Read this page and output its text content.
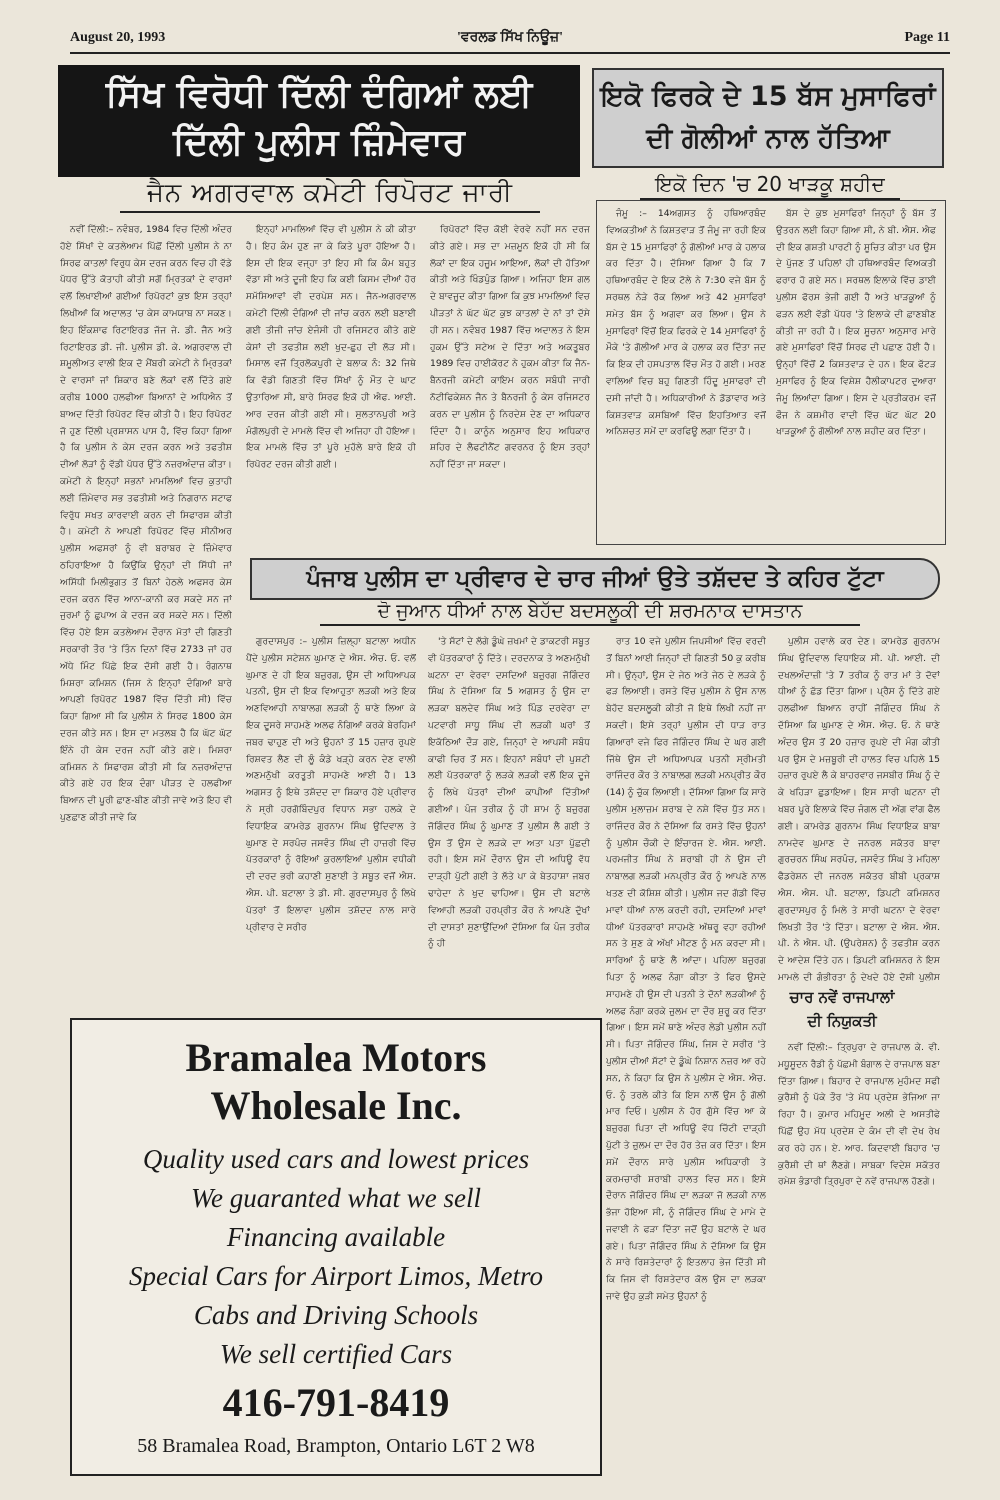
August 20, 1993	'ਵਰਲਡ ਸਿੱਖ ਨਿਊਜ਼'	Page 11
ਸਿੱਖ ਵਿਰੋਧੀ ਦਿੱਲੀ ਦੰਗਿਆਂ ਲਈ
ਦਿੱਲੀ ਪੁਲੀਸ ਜ਼ਿੰਮੇਵਾਰ
ਜੈਨ ਅਗਰਵਾਲ ਕਮੇਟੀ ਰਿਪੋਰਟ ਜਾਰੀ

ਨਵੀਂ ਦਿੱਲੀ:– ਨਵੰਬਰ, 1984 ਵਿਚ ਦਿੱਲੀ ਅੰਦਰ ਹੋਏ ਸਿੱਖਾਂ ਦੇ ਕਤਲੇਆਮ ਪਿੱਛੋਂ ਦਿੱਲੀ ਪੁਲੀਸ ਨੇ ਨਾ ਸਿਰਫ ਕਾਤਲਾਂ ਵਿਰੁਧ ਕੇਸ ਦਰਜ ਕਰਨ ਵਿਚ ਹੀ ਵੱਡੇ ਪੱਧਰ ਉੱਤੇ ਕੋਤਾਹੀ ਕੀਤੀ ਸਗੋਂ ਮ੍ਰਿਤਕਾਂ ਦੇ ਵਾਰਸਾਂ ਵਲੋਂ ਲਿਖਾਈਆਂ ਗਈਆਂ ਰਿਪੋਰਟਾਂ ਕੁਝ ਇਸ ਤਰ੍ਹਾਂ ਲਿਖੀਆਂ ਕਿ ਅਦਾਲਤ 'ਚ ਕੇਸ ਕਾਮਯਾਬ ਨਾ ਸਕਣ। ਇਹ ਇੰਕਸ਼ਾਫ ਰਿਟਾਇਰਡ ਜੱਜ ਜੇ. ਡੀ. ਜੈਨ ਅਤੇ ਰਿਟਾਇਰਡ ਡੀ. ਜੀ. ਪੁਲੀਸ ਡੀ. ਕੇ. ਅਗਰਵਾਲ ਦੀ ਸ਼ਮੂਲੀਅਤ ਵਾਲੀ ਇਕ ਦੋ ਮੈਂਬਰੀ ਕਮੇਟੀ ਨੇ ਮ੍ਰਿਤਕਾਂ ਦੇ ਵਾਰਸਾਂ ਜਾਂ ਸ਼ਿਕਾਰ ਬਣੇ ਲੋਕਾਂ ਵਲੋਂ ਦਿੱਤੇ ਗਏ ਕਰੀਬ 1000 ਹਲਫੀਆ ਬਿਆਨਾਂ ਦੇ ਅਧਿਐਨ ਤੋਂ ਬਾਅਦ ਦਿੱਤੀ ਰਿਪੋਰਟ ਵਿੱਚ ਕੀਤੀ ਹੈ। ਇਹ ਰਿਪੋਰਟ ਜੋ ਹੁਣ ਦਿੱਲੀ ਪ੍ਰਸ਼ਾਸਨ ਪਾਸ ਹੈ, ਵਿੱਚ ਕਿਹਾ ਗਿਆ ਹੈ ਕਿ ਪੁਲੀਸ ਨੇ ਕੇਸ ਦਰਜ ਕਰਨ ਅਤੇ ਤਫਤੀਸ਼ ਦੀਆਂ ਲੋੜਾਂ ਨੂੰ ਵੱਡੀ ਪੱਧਰ ਉੱਤੇ ਨਜ਼ਰਅੰਦਾਜ਼ ਕੀਤਾ। ਕਮੇਟੀ ਨੇ ਇਨ੍ਹਾਂ ਸਭਨਾਂ ਮਾਮਲਿਆਂ ਵਿਚ ਕੁਤਾਹੀ ਲਈ ਜ਼ਿੰਮੇਵਾਰ ਸਭ ਤਫਤੀਸ਼ੀ ਅਤੇ ਨਿਗਰਾਨ ਸਟਾਫ ਵਿਰੁੱਧ ਸਖਤ ਕਾਰਵਾਈ ਕਰਨ ਦੀ ਸਿਫਾਰਸ਼ ਕੀਤੀ ਹੈ। ਕਮੇਟੀ ਨੇ ਆਪਣੀ ਰਿਪੋਰਟ ਵਿੱਚ ਸੀਨੀਅਰ ਪੁਲੀਸ ਅਫਸਰਾਂ ਨੂੰ ਵੀ ਬਰਾਬਰ ਦੇ ਜ਼ਿੰਮੇਵਾਰ ਠਹਿਰਾਇਆ ਹੈ ਕਿਉਂਕਿ ਉਨ੍ਹਾਂ ਦੀ ਸਿੱਧੀ ਜਾਂ ਅਸਿੱਧੀ ਮਿਲੀਭੁਗਤ ਤੋਂ ਬਿਨਾਂ ਹੇਠਲੇ ਅਫਸਰ ਕੇਸ ਦਰਜ ਕਰਨ ਵਿੱਚ ਆਨਾ-ਕਾਨੀ ਕਰ ਸਕਦੇ ਸਨ ਜਾਂ ਜੁਰਮਾਂ ਨੂੰ ਛੁਪਾਅ ਕੇ ਦਰਜ ਕਰ ਸਕਦੇ ਸਨ। ਦਿੱਲੀ ਵਿੱਚ ਹੋਏ ਇਸ ਕਤਲੇਆਮ ਦੌਰਾਨ ਮੋਤਾਂ ਦੀ ਗਿਣਤੀ ਸਰਕਾਰੀ ਤੌਰ 'ਤੇ ਤਿੰਨ ਦਿਨਾਂ ਵਿੱਚ 2733 ਜਾਂ ਹਰ ਅੱਧੇ ਮਿੰਟ ਪਿੱਛੇ ਇਕ ਦੱਸੀ ਗਈ ਹੈ। ਰੰਗਨਾਥ ਮਿਸ਼ਰਾ ਕਮਿਸ਼ਨ (ਜਿਸ ਨੇ ਇਨ੍ਹਾਂ ਦੰਗਿਆਂ ਬਾਰੇ ਆਪਣੀ ਰਿਪੋਰਟ 1987 ਵਿੱਚ ਦਿੱਤੀ ਸੀ) ਵਿੱਚ ਕਿਹਾ ਗਿਆ ਸੀ ਕਿ ਪੁਲੀਸ ਨੇ ਸਿਰਫ 1800 ਕੇਸ ਦਰਜ ਕੀਤੇ ਸਨ। ਇਸ ਦਾ ਮਤਲਬ ਹੈ ਕਿ ਘੱਟ ਘੱਟ ਇੰਨੇ ਹੀ ਕੇਸ ਦਰਜ ਨਹੀਂ ਕੀਤੇ ਗਏ। ਮਿਸ਼ਰਾ ਕਮਿਸ਼ਨ ਨੇ ਸਿਫਾਰਸ਼ ਕੀਤੀ ਸੀ ਕਿ ਨਜ਼ਰਅੰਦਾਜ਼ ਕੀਤੇ ਗਏ ਹਰ ਇਕ ਦੰਗਾ ਪੀੜਤ ਦੇ ਹਲਫੀਆ ਬਿਆਨ ਦੀ ਪੂਰੀ ਛਾਣ-ਬੀਣ ਕੀਤੀ ਜਾਵੇ ਅਤੇ ਇਹ ਵੀ ਪੁਣਛਾਣ ਕੀਤੀ ਜਾਵੇ ਕਿ

ਇਨ੍ਹਾਂ ਮਾਮਲਿਆਂ ਵਿੱਚ ਵੀ ਪੁਲੀਸ ਨੇ ਕੀ ਕੀਤਾ ਹੈ। ਇਹ ਕੰਮ ਹੁਣ ਜਾ ਕੇ ਕਿਤੇ ਪੂਰਾ ਹੋਇਆ ਹੈ। ਇਸ ਦੀ ਇਕ ਵਜ੍ਹਾ ਤਾਂ ਇਹ ਸੀ ਕਿ ਕੰਮ ਬਹੁਤ ਵੱਡਾ ਸੀ ਅਤੇ ਦੂਜੀ ਇਹ ਕਿ ਕਈ ਕਿਸਮ ਦੀਆਂ ਹੋਰ ਸਮੱਸਿਆਵਾਂ ਵੀ ਦਰਪੇਸ਼ ਸਨ। ਜੈਨ-ਅਗਰਵਾਲ ਕਮੇਟੀ ਦਿੱਲੀ ਦੰਗਿਆਂ ਦੀ ਜਾਂਚ ਕਰਨ ਲਈ ਬਣਾਈ ਗਈ ਤੀਜੀ ਜਾਂਚ ਏਜੰਸੀ ਹੀ ਰਜਿਸਟਰ ਕੀਤੇ ਗਏ ਕੇਸਾਂ ਦੀ ਤਫਤੀਸ਼ ਲਈ ਖੁਦ-ਛੁਹ ਦੀ ਲੋੜ ਸੀ। ਮਿਸਾਲ ਵਜੋਂ ਤ੍ਰਿਲੋਕਪੁਰੀ ਦੇ ਬਲਾਕ ਨੰ: 32 ਜਿਥੇ ਕਿ ਵੱਡੀ ਗਿਣਤੀ ਵਿੱਚ ਸਿੱਖਾਂ ਨੂੰ ਮੌਤ ਦੇ ਘਾਟ ਉਤਾਰਿਆ ਸੀ, ਬਾਰੇ ਸਿਰਫ ਇਕੋ ਹੀ ਐਫ. ਆਈ. ਆਰ ਦਰਜ ਕੀਤੀ ਗਈ ਸੀ। ਸੁਲਤਾਨਪੁਰੀ ਅਤੇ ਮੰਗੋਲਪੁਰੀ ਦੇ ਮਾਮਲੇ ਵਿੱਚ ਵੀ ਅਜਿਹਾ ਹੀ ਹੋਇਆ। ਇਕ ਮਾਮਲੇ ਵਿੱਚ ਤਾਂ ਪੂਰੇ ਮੁਹੱਲੇ ਬਾਰੇ ਇਕੋ ਹੀ ਰਿਪੋਰਟ ਦਰਜ ਕੀਤੀ ਗਈ।

ਰਿਪੋਰਟਾਂ ਵਿੱਚ ਕੋਈ ਵੇਰਵੇ ਨਹੀਂ ਸਨ ਦਰਜ ਕੀਤੇ ਗਏ। ਸਭ ਦਾ ਮਜ਼ਮੂਨ ਇਕੋ ਹੀ ਸੀ ਕਿ ਲੋਕਾਂ ਦਾ ਇਕ ਹਜੂਮ ਆਇਆ, ਲੋਕਾਂ ਦੀ ਹੱਤਿਆ ਕੀਤੀ ਅਤੇ ਖਿੰਡਪੁੰਡ ਗਿਆ। ਅਜਿਹਾ ਇਸ ਗਲ ਦੇ ਬਾਵਜੂਦ ਕੀਤਾ ਗਿਆ ਕਿ ਕੁਝ ਮਾਮਲਿਆਂ ਵਿਚ ਪੀੜਤਾਂ ਨੇ ਘੱਟ ਘੱਟ ਕੁਝ ਕਾਤਲਾਂ ਦੇ ਨਾਂ ਤਾਂ ਦੱਸੇ ਹੀ ਸਨ। ਨਵੰਬਰ 1987 ਵਿੱਚ ਅਦਾਲਤ ਨੇ ਇਸ ਹੁਕਮ ਉੱਤੇ ਸਟੇਅ ਦੇ ਦਿੱਤਾ ਅਤੇ ਅਕਤੂਬਰ 1989 ਵਿਚ ਹਾਈਕੋਰਟ ਨੇ ਹੁਕਮ ਕੀਤਾ ਕਿ ਜੈਨ-ਬੈਨਰਜੀ ਕਮੇਟੀ ਕਾਇਮ ਕਰਨ ਸਬੰਧੀ ਜਾਰੀ ਨੋਟੀਫਿਕੇਸ਼ਨ ਜੈਨ ਤੇ ਬੈਨਰਜੀ ਨੂੰ ਕੇਸ ਰਜਿਸਟਰ ਕਰਨ ਦਾ ਪੁਲੀਸ ਨੂੰ ਨਿਰਦੇਸ਼ ਦੇਣ ਦਾ ਅਧਿਕਾਰ ਦਿੰਦਾ ਹੈ। ਕਾਨੂੰਨ ਅਨੁਸਾਰ ਇਹ ਅਧਿਕਾਰ ਸ਼ਹਿਰ ਦੇ ਲੈਫਟੀਨੈਂਟ ਗਵਰਨਰ ਨੂੰ ਇਸ ਤਰ੍ਹਾਂ ਨਹੀਂ ਦਿੱਤਾ ਜਾ ਸਕਦਾ।

ਇਕੋ ਫਿਰਕੇ ਦੇ 15 ਬੱਸ ਮੁਸਾਫਿਰਾਂ
ਦੀ ਗੋਲੀਆਂ ਨਾਲ ਹੱਤਿਆ
ਇਕੋ ਦਿਨ 'ਚ 20 ਖਾੜਕੂ ਸ਼ਹੀਦ

ਜੰਮੂ :– 14ਅਗਸਤ ਨੂੰ ਹਥਿਆਰਬੰਦ ਵਿਅਕਤੀਆਂ ਨੇ ਕਿਸ਼ਤਵਾੜ ਤੋਂ ਜੰਮੂ ਜਾ ਰਹੀ ਇਕ ਬੱਸ ਦੇ 15 ਮੁਸਾਫਿਰਾਂ ਨੂੰ ਗੋਲੀਆਂ ਮਾਰ ਕੇ ਹਲਾਕ ਕਰ ਦਿੱਤਾ ਹੈ। ਦੱਸਿਆ ਗਿਆ ਹੈ ਕਿ 7 ਹਥਿਆਰਬੰਦ ਦੇ ਇਕ ਟੋਲੇ ਨੇ 7:30 ਵਜੇ ਬੱਸ ਨੂੰ ਸਰਥਲ ਨੇੜੇ ਰੋਕ ਲਿਆ ਅਤੇ 42 ਮੁਸਾਫਿਰਾਂ ਸਮੇਤ ਬੱਸ ਨੂੰ ਅਗਵਾ ਕਰ ਲਿਆ। ਉਸ ਨੇ ਮੁਸਾਫਿਰਾਂ ਵਿੱਚੋਂ ਇਕ ਫਿਰਕੇ ਦੇ 14 ਮੁਸਾਫਿਰਾਂ ਨੂੰ ਮੌਕੇ 'ਤੇ ਗੋਲੀਆਂ ਮਾਰ ਕੇ ਹਲਾਕ ਕਰ ਦਿੱਤਾ ਜਦ ਕਿ ਇਕ ਦੀ ਹਸਪਤਾਲ ਵਿੱਚ ਮੌਤ ਹੋ ਗਈ। ਮਰਣ ਵਾਲਿਆਂ ਵਿਚ ਬਹੁ ਗਿਣਤੀ ਹਿੰਦੂ ਮੁਸਾਫਰਾਂ ਦੀ ਦਸੀ ਜਾਂਦੀ ਹੈ। ਅਧਿਕਾਰੀਆਂ ਨੇ ਡੋਡਾਵਾਰ ਅਤੇ ਕਿਸ਼ਤਵਾੜ ਕਸਬਿਆਂ ਵਿੱਚ ਇਹਤਿਆਤ ਵਜੋਂ ਅਨਿਸ਼ਚਤ ਸਮੇਂ ਦਾ ਕਰਫਿਊ ਲਗਾ ਦਿੱਤਾ ਹੈ।

ਬੱਸ ਦੇ ਕੁਝ ਮੁਸਾਫਿਰਾਂ ਜਿਨ੍ਹਾਂ ਨੂੰ ਬੱਸ ਤੋਂ ਉਤਰਨ ਲਈ ਕਿਹਾ ਗਿਆ ਸੀ, ਨੇ ਬੀ. ਐਸ. ਐਫ ਦੀ ਇਕ ਗਸ਼ਤੀ ਪਾਰਟੀ ਨੂੰ ਸੂਚਿਤ ਕੀਤਾ ਪਰ ਉਸ ਦੇ ਪੁੱਜਣ ਤੋਂ ਪਹਿਲਾਂ ਹੀ ਹਥਿਆਰਬੰਦ ਵਿਅਕਤੀ ਫਰਾਰ ਹੋ ਗਏ ਸਨ। ਸਰਥਲ ਇਲਾਕੇ ਵਿੱਚ ਡਾਈ ਪੁਲੀਸ ਫੋਰਸ ਭੇਜੀ ਗਈ ਹੈ ਅਤੇ ਖਾੜਕੂਆਂ ਨੂੰ ਫੜਨ ਲਈ ਵੱਡੀ ਪੱਧਰ 'ਤੇ ਇਲਾਕੇ ਦੀ ਛਾਣਬੀਣ ਕੀਤੀ ਜਾ ਰਹੀ ਹੈ। ਇਕ ਸੂਚਨਾ ਅਨੁਸਾਰ ਮਾਰੇ ਗਏ ਮੁਸਾਫਿਰਾਂ ਵਿੱਚੋਂ ਸਿਰਫ ਦੀ ਪਛਾਣ ਹੋਈ ਹੈ। ਉਨ੍ਹਾਂ ਵਿੱਚੋਂ 2 ਕਿਸ਼ਤਵਾੜ ਦੇ ਹਨ। ਇਕ ਫੱਟੜ ਮੁਸਾਫਿਰ ਨੂੰ ਇਕ ਵਿਸ਼ੇਸ਼ ਹੈਲੀਕਾਪਟਰ ਦੁਆਰਾ ਜੰਮੂ ਲਿਆਂਦਾ ਗਿਆ। ਇਸ ਦੇ ਪ੍ਰਤੀਕਰਮ ਵਜੋਂ ਫੌਜ ਨੇ ਕਸ਼ਮੀਰ ਵਾਦੀ ਵਿੱਚ ਘੱਟ ਘੱਟ 20 ਖਾੜਕੂਆਂ ਨੂੰ ਗੋਲੀਆਂ ਨਾਲ ਸ਼ਹੀਦ ਕਰ ਦਿੱਤਾ।

ਪੰਜਾਬ ਪੁਲੀਸ ਦਾ ਪ੍ਰੀਵਾਰ ਦੇ ਚਾਰ ਜੀਆਂ ਉਤੇ ਤਸ਼ੱਦਦ ਤੇ ਕਹਿਰ ਟੁੱਟਾ
ਦੋ ਜੁਆਨ ਧੀਆਂ ਨਾਲ ਬੇਹੱਦ ਬਦਸਲੂਕੀ ਦੀ ਸ਼ਰਮਨਾਕ ਦਾਸਤਾਨ

ਗੁਰਦਾਸਪੁਰ :– ਪੁਲੀਸ ਜ਼ਿਲ੍ਹਾ ਬਟਾਲਾ ਅਧੀਨ ਪੈਂਦੇ ਪੁਲੀਸ ਸਟੇਸ਼ਨ ਘੁਮਾਣ ਦੇ ਐਸ. ਐਚ. ਓ. ਵਲੋਂ ਘੁਮਾਣ ਦੇ ਹੀ ਇਕ ਬਜ਼ੁਰਗ, ਉਸ ਦੀ ਅਧਿਆਪਕ ਪਤਨੀ, ਉਸ ਦੀ ਇਕ ਵਿਆਹੁਤਾ ਲੜਕੀ ਅਤੇ ਇਕ ਅਣਵਿਆਹੀ ਨਾਬਾਲਗ ਲੜਕੀ ਨੂੰ ਥਾਣੇ ਲਿਆ ਕੇ ਇਕ ਦੂਸਰੇ ਸਾਹਮਣੇ ਅਲਫ ਨੰਗਿਆਂ ਕਰਕੇ ਬੇਰਹਿਮਾਂ ਜਬਰ ਢਾਹੁਣ ਦੀ ਅਤੇ ਉਹਨਾਂ ਤੋਂ 15 ਹਜ਼ਾਰ ਰੁਪਏ ਰਿਸ਼ਵਤ ਲੈਣ ਦੀ ਲੂੰ ਕੰਡੇ ਖੜ੍ਹੇ ਕਰਨ ਦੇਣ ਵਾਲੀ ਅਣਮਨੁੱਖੀ ਕਰਤੂਤੀ ਸਾਹਮਣੇ ਆਈ ਹੈ। 13 ਅਗਸਤ ਨੂੰ ਇਥੇ ਤਸ਼ੱਦਦ ਦਾ ਸ਼ਿਕਾਰ ਹੋਏ ਪ੍ਰੀਵਾਰ ਨੇ ਸ੍ਰੀ ਹਰਗੋਬਿੰਦਪੁਰ ਵਿਧਾਨ ਸਭਾ ਹਲਕੇ ਦੇ ਵਿਧਾਇਕ ਕਾਮਰੇਡ ਗੁਰਨਾਮ ਸਿੰਘ ਉਦਿਵਾਲ ਤੇ ਘੁਮਾਣ ਦੇ ਸਰਪੰਚ ਜਸਵੰਤ ਸਿੰਘ ਦੀ ਹਾਜ਼ਰੀ ਵਿੱਚ ਪੱਤਰਕਾਰਾਂ ਨੂੰ ਰੋਇਆਂ ਕੁਰਲਾਇਆਂ ਪੁਲੀਸ ਵਧੀਕੀ ਦੀ ਦਰਦ ਭਰੀ ਕਹਾਣੀ ਸੁਣਾਈ ਤੇ ਸਬੂਤ ਵਜੋਂ ਐਸ. ਐਸ. ਪੀ. ਬਟਾਲਾ ਤੇ ਡੀ. ਸੀ. ਗੁਰਦਾਸਪੁਰ ਨੂੰ ਲਿਖੇ ਪੱਤਰਾਂ ਤੋਂ ਇਲਾਵਾ ਪੁਲੀਸ ਤਸ਼ੱਦਦ ਨਾਲ ਸਾਰੇ ਪ੍ਰੀਵਾਰ ਦੇ ਸਰੀਰ

'ਤੇ ਸੱਟਾਂ ਦੇ ਲੱਗੇ ਡੂੰਘੇ ਜ਼ਖਮਾਂ ਦੇ ਡਾਕਟਰੀ ਸਬੂਤ ਵੀ ਪੱਤਰਕਾਰਾਂ ਨੂੰ ਦਿੱਤੇ। ਦਰਦਨਾਕ ਤੇ ਅਣਮਨੁੱਖੀ ਘਟਨਾ ਦਾ ਵੇਰਵਾ ਦਸਦਿਆਂ ਬਜ਼ੁਰਗ ਜੋਗਿੰਦਰ ਸਿੰਘ ਨੇ ਦੱਸਿਆ ਕਿ 5 ਅਗਸਤ ਨੂੰ ਉਸ ਦਾ ਲੜਕਾ ਬਲਦੇਵ ਸਿੰਘ ਅਤੇ ਪਿੰਡ ਦਰਵੇਰਾ ਦਾ ਪਟਵਾਰੀ ਸਾਧੂ ਸਿੰਘ ਦੀ ਲੜਕੀ ਘਰਾਂ ਤੋਂ ਇਕੱਠਿਆਂ ਦੌੜ ਗਏ, ਜਿਨ੍ਹਾਂ ਦੇ ਆਪਸੀ ਸਬੰਧ ਕਾਫੀ ਚਿਰ ਤੋਂ ਸਨ। ਇਹਨਾਂ ਸਬੰਧਾਂ ਦੀ ਪੁਸ਼ਟੀ ਲਈ ਪੱਤਰਕਾਰਾਂ ਨੂੰ ਲੜਕੇ ਲੜਕੀ ਵਲੋਂ ਇਕ ਦੂਜੇ ਨੂੰ ਲਿਖੇ ਪੱਤਰਾਂ ਦੀਆਂ ਕਾਪੀਆਂ ਦਿੱਤੀਆਂ ਗਈਆਂ। ਪੰਜ ਤਰੀਕ ਨੂੰ ਹੀ ਸ਼ਾਮ ਨੂੰ ਬਜ਼ੁਰਗ ਜੋਗਿੰਦਰ ਸਿੰਘ ਨੂੰ ਘੁਮਾਣ ਤੋਂ ਪੁਲੀਸ ਲੈ ਗਈ ਤੇ ਉਸ ਤੋਂ ਉਸ ਦੇ ਲੜਕੇ ਦਾ ਅਤਾ ਪਤਾ ਪੁੱਛਦੀ ਰਹੀ। ਇਸ ਸਮੇਂ ਦੌਰਾਨ ਉਸ ਦੀ ਅਧਿਊ ਵੱਧ ਦਾੜ੍ਹੀ ਪੁੱਟੀ ਗਈ ਤੇ ਲੱਤੇ ਪਾ ਕੇ ਬੇਤਹਾਸ਼ਾ ਜਬਰ ਢਾਹੇਦਾ ਨੇ ਖੁਦ ਢਾਹਿਆ। ਉਸ ਦੀ ਬਟਾਲੇ ਵਿਆਹੀ ਲੜਕੀ ਹਰਪ੍ਰੀਤ ਕੌਰ ਨੇ ਆਪਣੇ ਦੁੱਖਾਂ ਦੀ ਦਾਸਤਾਂ ਸੁਣਾਉਂਦਿਆਂ ਦੱਸਿਆ ਕਿ ਪੰਜ ਤਰੀਕ ਨੂੰ ਹੀ

ਰਾਤ 10 ਵਜੇ ਪੁਲੀਸ ਜਿਪਸੀਆਂ ਵਿੱਚ ਵਰਦੀ ਤੋਂ ਬਿਨਾਂ ਆਈ ਜਿਨ੍ਹਾਂ ਦੀ ਗਿਣਤੀ 50 ਕੁ ਕਰੀਬ ਸੀ। ਉਨ੍ਹਾਂ, ਉਸ ਦੇ ਜੇਠ ਅਤੇ ਜੇਠ ਦੇ ਲੜਕੇ ਨੂੰ ਫੜ ਲਿਆਈ। ਰਸਤੇ ਵਿੱਚ ਪੁਲੀਸ ਨੇ ਉਸ ਨਾਲ ਬੇਹੱਦ ਬਦਸਲੂਕੀ ਕੀਤੀ ਜੋ ਇਥੇ ਲਿਖੀ ਨਹੀਂ ਜਾ ਸਕਦੀ। ਇਸੇ ਤਰ੍ਹਾਂ ਪੁਲੀਸ ਦੀ ਧਾੜ ਰਾਤ ਗਿਆਰਾਂ ਵਜੇ ਫਿਰ ਜੋਗਿੰਦਰ ਸਿੰਘ ਦੇ ਘਰ ਗਈ ਜਿੱਥੇ ਉਸ ਦੀ ਅਧਿਆਪਕ ਪਤਨੀ ਸ੍ਰੀਮਤੀ ਰਾਜਿੰਦਰ ਕੌਰ ਤੇ ਨਾਬਾਲਗ ਲੜਕੀ ਮਨਪ੍ਰੀਤ ਕੌਰ (14) ਨੂੰ ਚੁੱਕ ਲਿਆਈ। ਦੱਸਿਆ ਗਿਆ ਕਿ ਸਾਰੇ ਪੁਲੀਸ ਮੁਲਾਜ਼ਮ ਸ਼ਰਾਬ ਦੇ ਨਸ਼ੇ ਵਿੱਚ ਧੁੱਤ ਸਨ। ਰਾਜਿੰਦਰ ਕੌਰ ਨੇ ਦੱਸਿਆ ਕਿ ਰਸਤੇ ਵਿੱਚ ਉਹਨਾਂ ਨੂੰ ਪੁਲੀਸ ਚੌਕੀ ਦੇ ਇੰਚਾਰਜ ਏ. ਐਸ. ਆਈ. ਪਰਮਜੀਤ ਸਿੰਘ ਨੇ ਸ਼ਰਾਬੀ ਹੀ ਨੇ ਉਸ ਦੀ ਨਾਬਾਲਗ ਲੜਕੀ ਮਨਪ੍ਰੀਤ ਕੌਰ ਨੂੰ ਆਪਣੇ ਨਾਲ ਖਤਣ ਦੀ ਕੋਸ਼ਿਸ਼ ਕੀਤੀ। ਪੁਲੀਸ ਜਦ ਗੱਡੀ ਵਿੱਚ ਮਾਵਾਂ ਧੀਆਂ ਨਾਲ ਕਰਦੀ ਰਹੀ, ਦਸਦਿਆਂ ਮਾਵਾਂ ਧੀਆਂ ਪੱਤਰਕਾਰਾਂ ਸਾਹਮਣੇ ਅੱਥਰੂ ਵਹਾ ਰਹੀਆਂ ਸਨ ਤੇ ਸੁਣ ਕੇ ਅੱਖਾਂ ਮੀਟਣ ਨੂੰ ਮਨ ਕਰਦਾ ਸੀ। ਸਾਰਿਆਂ ਨੂੰ ਥਾਣੇ ਲੈ ਆਂਦਾ। ਪਹਿਲਾ ਬਜ਼ੁਰਗ ਪਿਤਾ ਨੂੰ ਅਲਫ ਨੰਗਾ ਕੀਤਾ ਤੇ ਫਿਰ ਉਸਦੇ ਸਾਹਮਣੇ ਹੀ ਉਸ ਦੀ ਪਤਨੀ ਤੇ ਦੋਨਾਂ ਲੜਕੀਆਂ ਨੂੰ ਅਲਫ ਨੰਗਾ ਕਰਕੇ ਜ਼ੁਲਮ ਦਾ ਦੌਰ ਸ਼ੁਰੂ ਕਰ ਦਿੱਤਾ ਗਿਆ। ਇਸ ਸਮੇਂ ਥਾਣੇ ਅੰਦਰ ਲੇਡੀ ਪੁਲੀਸ ਨਹੀਂ ਸੀ। ਪਿਤਾ ਜੋਗਿੰਦਰ ਸਿੰਘ, ਜਿਸ ਦੇ ਸਰੀਰ 'ਤੇ ਪੁਲੀਸ ਦੀਆਂ ਸੱਟਾਂ ਦੇ ਡੂੰਘੇ ਨਿਸ਼ਾਨ ਨਜ਼ਰ ਆ ਰਹੇ ਸਨ, ਨੇ ਕਿਹਾ ਕਿ ਉਸ ਨੇ ਪੁਲੀਸ ਦੇ ਐਸ. ਐਚ. ਓ. ਨੂੰ ਤਰਲੇ ਕੀਤੇ ਕਿ ਇਸ ਨਾਲੋਂ ਉਸ ਨੂੰ ਗੋਲੀ ਮਾਰ ਦਿਓ। ਪੁਲੀਸ ਨੇ ਹੋਰ ਗੁੱਸੇ ਵਿੱਚ ਆ ਕੇ ਬਜ਼ੁਰਗ ਪਿਤਾ ਦੀ ਅਧਿਊ ਵੱਧ ਚਿੱਟੀ ਦਾੜ੍ਹੀ ਪੁੱਟੀ ਤੇ ਜ਼ੁਲਮ ਦਾ ਦੌਰ ਹੋਰ ਤੇਜ਼ ਕਰ ਦਿੱਤਾ। ਇਸ ਸਮੇਂ ਦੌਰਾਨ ਸਾਰੇ ਪੁਲੀਸ ਅਧਿਕਾਰੀ ਤੇ ਕਰਮਚਾਰੀ ਸ਼ਰਾਬੀ ਹਾਲਤ ਵਿਚ ਸਨ। ਇਸੇ ਦੌਰਾਨ ਜੋਗਿੰਦਰ ਸਿੰਘ ਦਾ ਲੜਕਾ ਜੋ ਲੜਕੀ ਨਾਲ ਭੱਜਾ ਹੋਇਆ ਸੀ, ਨੂੰ ਜੋਗਿੰਦਰ ਸਿੰਘ ਦੇ ਮਾਮੇ ਦੇ ਜਵਾਈ ਨੇ ਫੜਾ ਦਿੱਤਾ ਜਦੋਂ ਉਹ ਬਟਾਲੇ ਦੇ ਘਰ ਗਏ। ਪਿਤਾ ਜੋਗਿੰਦਰ ਸਿੰਘ ਨੇ ਦੱਸਿਆ ਕਿ ਉਸ ਨੇ ਸਾਰੇ ਰਿਸ਼ਤੇਦਾਰਾਂ ਨੂੰ ਇਤਲਾਹ ਭੇਜ ਦਿੱਤੀ ਸੀ ਕਿ ਜਿਸ ਵੀ ਰਿਸ਼ਤੇਦਾਰ ਕੋਲ ਉਸ ਦਾ ਲੜਕਾ ਜਾਵੇ ਉਹ ਕੁੜੀ ਸਮੇਤ ਉਹਨਾਂ ਨੂੰ

ਪੁਲੀਸ ਹਵਾਲੇ ਕਰ ਦੇਣ। ਕਾਮਰੇਡ ਗੁਰਨਾਮ ਸਿੰਘ ਉਦਿਵਾਲ ਵਿਧਾਇਕ ਸੀ. ਪੀ. ਆਈ. ਦੀ ਦਖਲਅੰਦਾਜ਼ੀ 'ਤੇ 7 ਤਰੀਕ ਨੂੰ ਰਾਤ ਮਾਂ ਤੇ ਦੋਵਾਂ ਧੀਆਂ ਨੂੰ ਛੱਡ ਦਿੱਤਾ ਗਿਆ। ਪ੍ਰੈਸ ਨੂੰ ਦਿੱਤੇ ਗਏ ਹਲਫੀਆ ਬਿਆਨ ਰਾਹੀਂ ਜੋਗਿੰਦਰ ਸਿੰਘ ਨੇ ਦੱਸਿਆ ਕਿ ਘੁਮਾਣ ਦੇ ਐਸ. ਐਚ. ਓ. ਨੇ ਥਾਣੇ ਅੰਦਰ ਉਸ ਤੋਂ 20 ਹਜ਼ਾਰ ਰੁਪਏ ਦੀ ਮੰਗ ਕੀਤੀ ਪਰ ਉਸ ਦੇ ਮਜ਼ਬੂਰੀ ਦੀ ਹਾਲਤ ਵਿਚ ਪਹਿਲੇ 15 ਹਜ਼ਾਰ ਰੁਪਏ ਲੈ ਕੇ ਬਾਹਰਵਾਰ ਜਸਬੀਰ ਸਿੰਘ ਨੂੰ ਦੇ ਕੇ ਖਹਿੜਾ ਛੁਡਾਇਆ। ਇਸ ਸਾਰੀ ਘਟਨਾ ਦੀ ਖਬਰ ਪੂਰੇ ਇਲਾਕੇ ਵਿੱਚ ਜੰਗਲ ਦੀ ਅੱਗ ਵਾਂਗ ਫੈਲ ਗਈ। ਕਾਮਰੇਡ ਗੁਰਨਾਮ ਸਿੰਘ ਵਿਧਾਇਕ ਬਾਬਾ ਨਾਮਦੇਵ ਘੁਮਾਣ ਦੇ ਜਨਰਲ ਸਕੱਤਰ ਬਾਵਾ ਗੁਰਚਰਨ ਸਿੰਘ ਸਰਪੰਚ, ਜਸਵੰਤ ਸਿੰਘ ਤੇ ਮਹਿਲਾ ਫੈਡਰੇਸ਼ਨ ਦੀ ਜਨਰਲ ਸਕੱਤਰ ਬੀਬੀ ਪ੍ਰਕਾਸ਼ ਐਸ. ਐਸ. ਪੀ. ਬਟਾਲਾ, ਡਿਪਟੀ ਕਮਿਸ਼ਨਰ ਗੁਰਦਾਸਪੁਰ ਨੂੰ ਮਿਲੇ ਤੇ ਸਾਰੀ ਘਟਨਾ ਦੇ ਵੇਰਵਾ ਲਿਖਤੀ ਤੌਰ 'ਤੇ ਦਿੱਤਾ। ਬਟਾਲਾ ਦੇ ਐਸ. ਐਸ. ਪੀ. ਨੇ ਐਸ. ਪੀ. (ਉਪਰੇਸ਼ਨ) ਨੂੰ ਤਫਤੀਸ਼ ਕਰਨ ਦੇ ਆਦੇਸ਼ ਦਿੱਤੇ ਹਨ। ਡਿਪਟੀ ਕਮਿਸ਼ਨਰ ਨੇ ਇਸ ਮਾਮਲੇ ਦੀ ਗੰਭੀਰਤਾ ਨੂੰ ਦੇਖਦੇ ਹੋਏ ਦੋਸ਼ੀ ਪੁਲੀਸ

ਚਾਰ ਨਵੇਂ ਰਾਜਪਾਲਾਂ
ਦੀ ਨਿਯੁਕਤੀ

ਨਵੀਂ ਦਿੱਲੀ:– ਤ੍ਰਿਪੁਰਾ ਦੇ ਰਾਜਪਾਲ ਕੇ. ਵੀ. ਮਧੂਸੂਦਨ ਰੈਡੀ ਨੂੰ ਪੱਛਮੀ ਬੰਗਾਲ ਦੇ ਰਾਜਪਾਲ ਬਣਾ ਦਿੱਤਾ ਗਿਆ। ਬਿਹਾਰ ਦੇ ਰਾਜਪਾਲ ਮੁਹੰਮਦ ਸਫੀ ਕੁਰੈਸ਼ੀ ਨੂੰ ਪੱਕੇ ਤੌਰ 'ਤੇ ਮੱਧ ਪ੍ਰਦੇਸ਼ ਭੇਜਿਆ ਜਾ ਰਿਹਾ ਹੈ। ਕੁਮਾਰ ਮਹਿਮੂਦ ਅਲੀ ਦੇ ਅਸਤੀਫੇ ਪਿੱਛੋਂ ਉਹ ਮੱਧ ਪ੍ਰਦੇਸ਼ ਦੇ ਕੰਮ ਦੀ ਵੀ ਦੇਖ ਰੇਖ ਕਰ ਰਹੇ ਹਨ। ਏ. ਆਰ. ਕਿਦਵਾਈ ਬਿਹਾਰ 'ਚ ਕੁਰੈਸ਼ੀ ਦੀ ਥਾਂ ਲੈਣਗੇ। ਸਾਬਕਾ ਵਿਦੇਸ਼ ਸਕੱਤਰ ਰਮੇਸ਼ ਭੰਡਾਰੀ ਤ੍ਰਿਪੁਰਾ ਦੇ ਨਵੇਂ ਰਾਜਪਾਲ ਹੋਣਗੇ।

Bramalea Motors
Wholesale Inc.
Quality used cars and lowest prices
We guaranted what we sell
Financing available
Special Cars for Airport Limos, Metro
Cabs and Driving Schools
We sell certified Cars
416-791-8419
58 Bramalea Road, Brampton, Ontario L6T 2 W8
